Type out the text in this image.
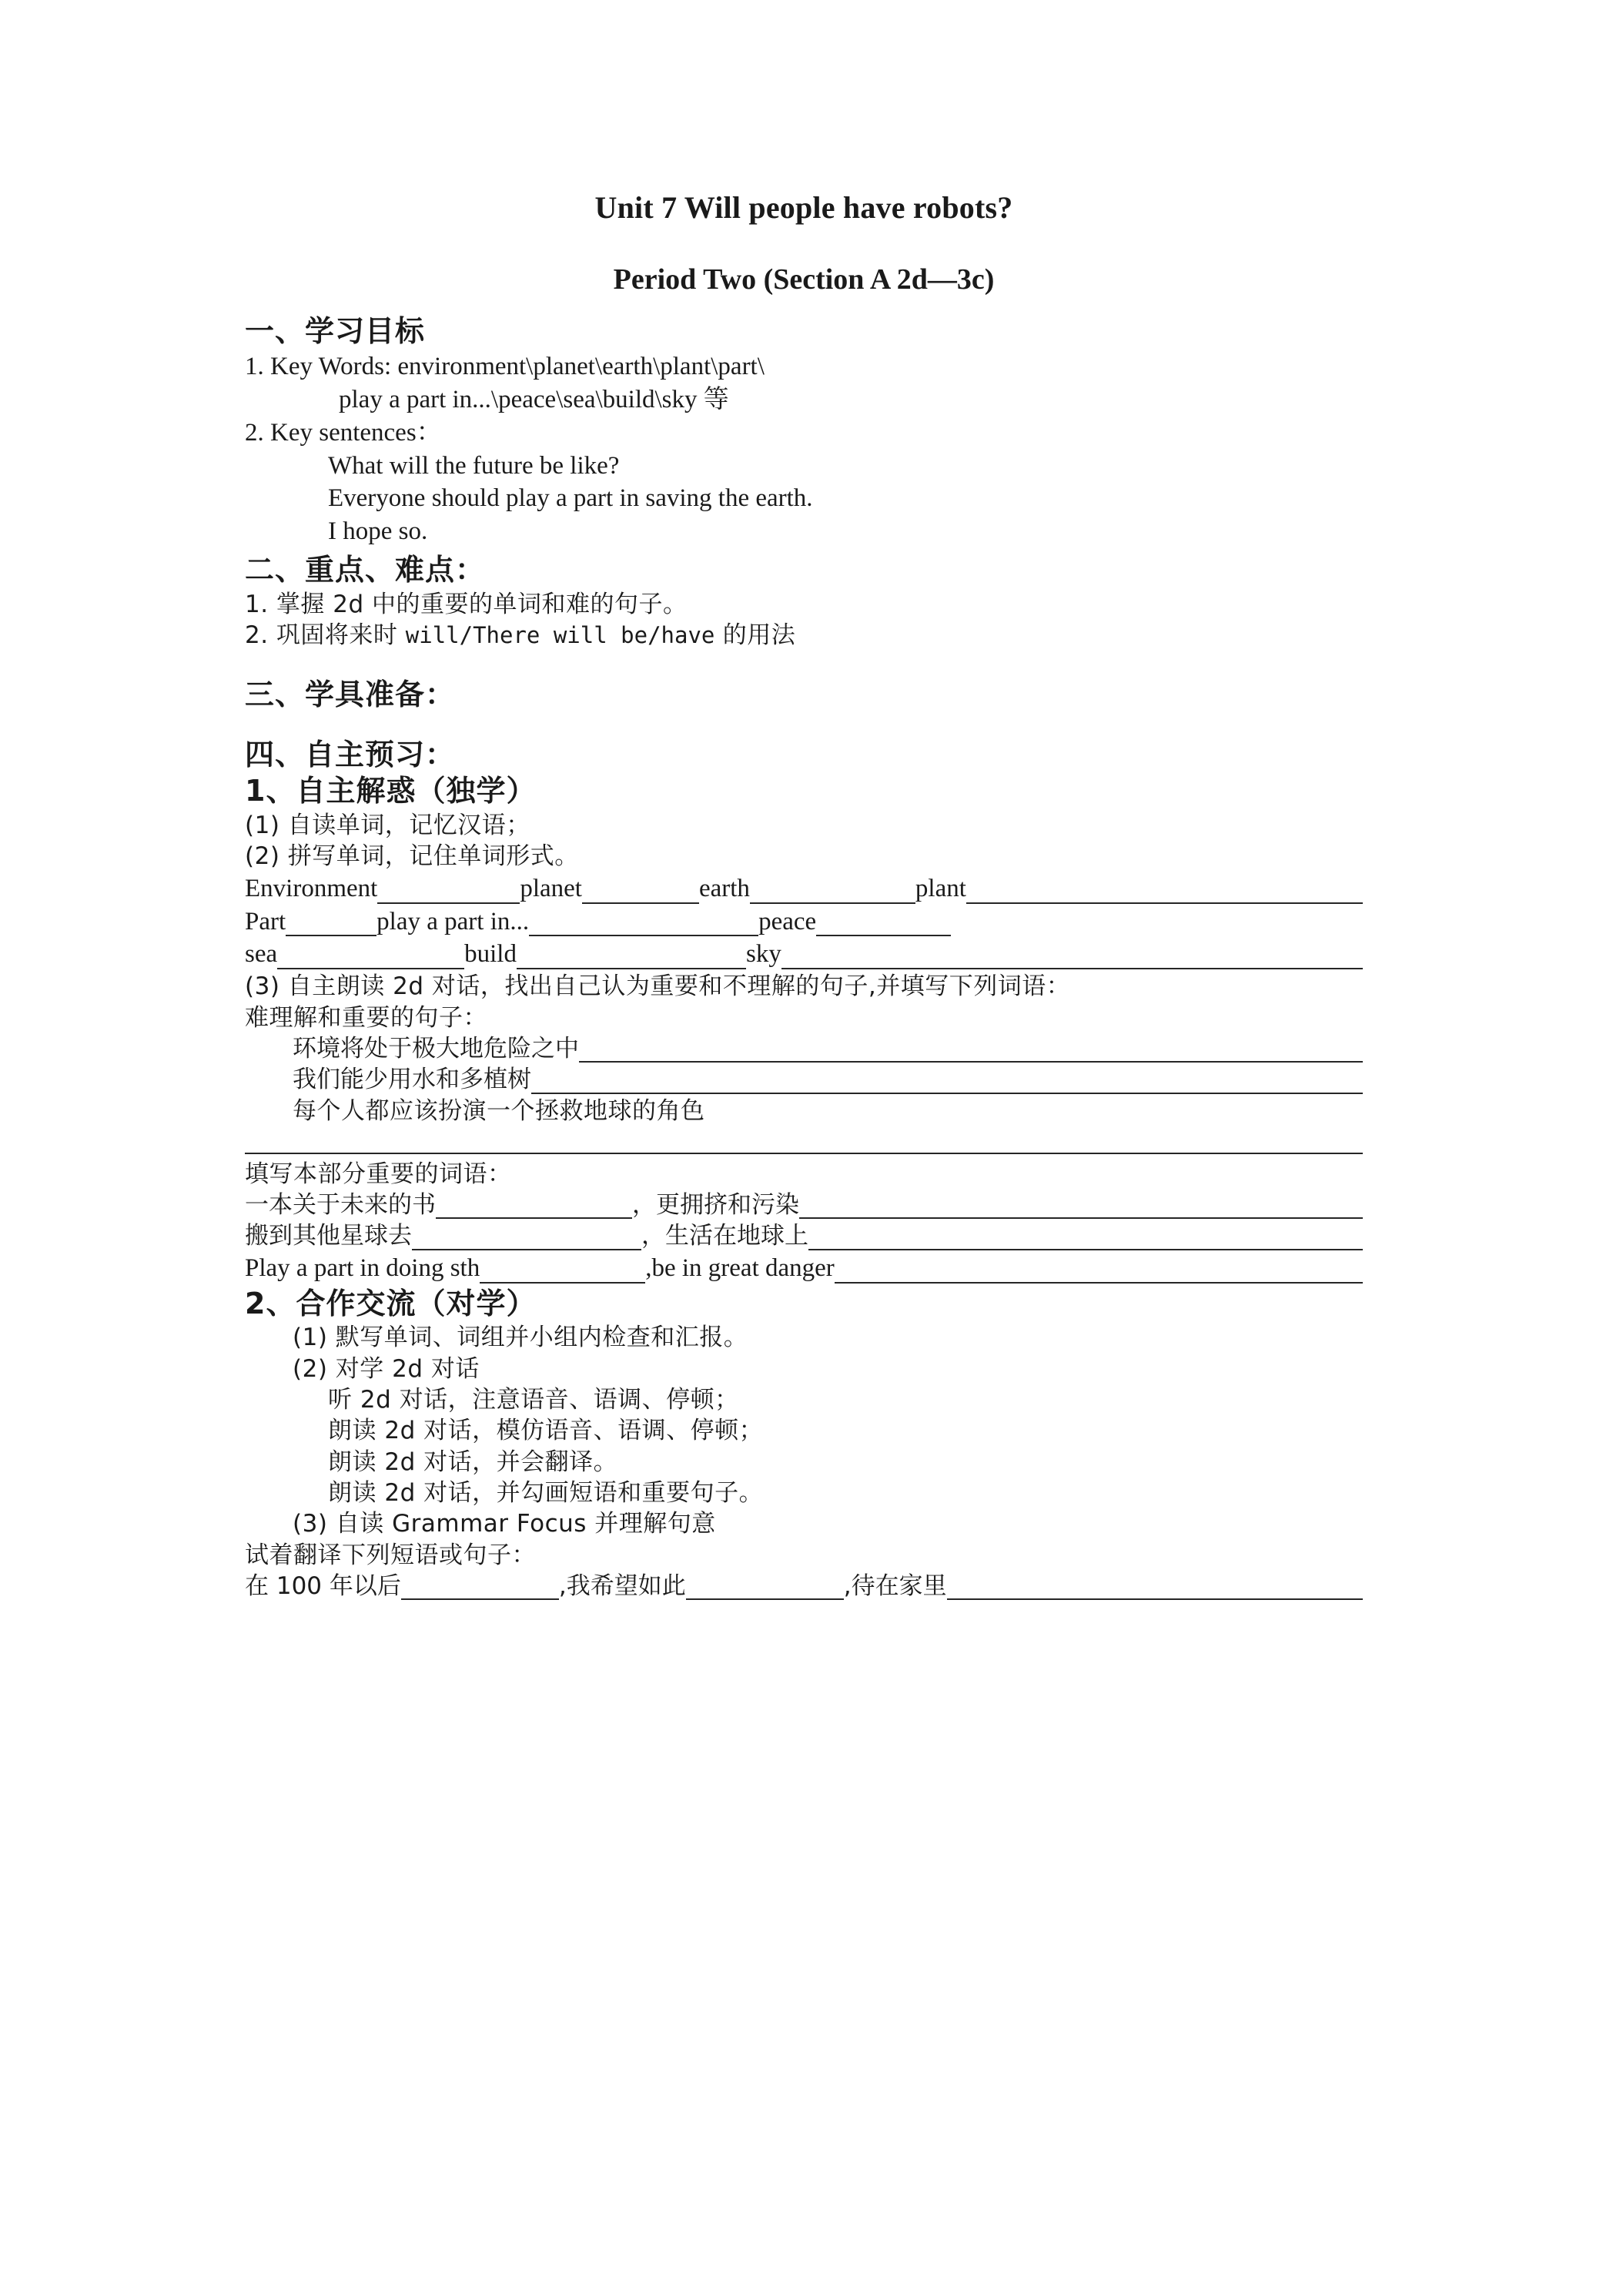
Unit 7 Will people have robots?
Period Two (Section A 2d—3c)
一、学习目标

1. Key Words: environment\planet\earth\plant\part\

play a part in...\peace\sea\build\sky 等

2. Key sentences：

What will the future be like?

Everyone should play a part in saving the earth.

I hope so.

二、重点、难点：

1. 掌握 2d 中的重要的单词和难的句子。

2. 巩固将来时 will/There will be/have 的用法

三、学具准备：
四、自主预习：
1、自主解惑（独学）

(1) 自读单词，记忆汉语；

(2) 拼写单词，记住单词形式。

Environment	planet	earth	plant
Part	play a part in...	peace
sea	build	sky

(3) 自主朗读 2d 对话，找出自己认为重要和不理解的句子,并填写下列词语：

难理解和重要的句子：

环境将处于极大地危险之中
我们能少用水和多植树
每个人都应该扮演一个拯救地球的角色

填写本部分重要的词语：

一本关于未来的书	， 更拥挤和污染
搬到其他星球去	， 生活在地球上
Play a part in doing sth	, be in great danger
2、合作交流（对学）

(1) 默写单词、词组并小组内检查和汇报。

(2) 对学 2d 对话

听 2d 对话，注意语音、语调、停顿；

朗读 2d 对话，模仿语音、语调、停顿；

朗读 2d 对话，并会翻译。

朗读 2d 对话，并勾画短语和重要句子。

(3) 自读 Grammar Focus 并理解句意

试着翻译下列短语或句子：

在 100 年以后	, 我希望如此	, 待在家里
